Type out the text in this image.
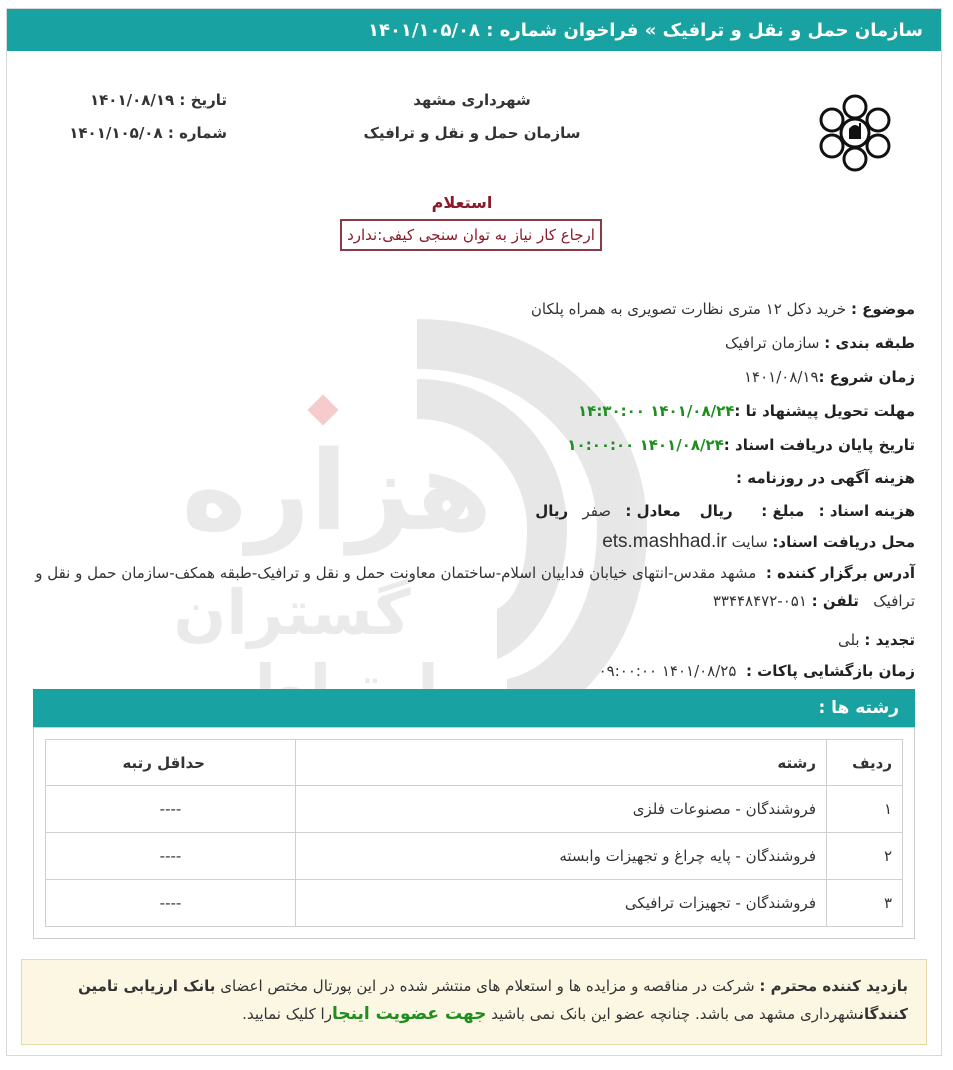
سازمان حمل و نقل و ترافیک » فراخوان شماره : ۱۴۰۱/۱۰۵/۰۸
هزاره
گستران
ارتباط
شهرداری مشهد
سازمان حمل و نقل و ترافیک
تاریخ : ۱۴۰۱/۰۸/۱۹
شماره : ۱۴۰۱/۱۰۵/۰۸
استعلام
ارجاع کار نیاز به توان سنجی کیفی:ندارد
موضوع : خرید دکل ۱۲ متری نظارت تصویری به همراه پلکان
طبقه بندی : سازمان ترافیک
زمان شروع :۱۴۰۱/۰۸/۱۹
مهلت تحویل پیشنهاد تا :۱۴۰۱/۰۸/۲۴ ۱۴:۳۰:۰۰
تاریخ پایان دریافت اسناد :۱۴۰۱/۰۸/۲۴ ۱۰:۰۰:۰۰
هزینه آگهی در روزنامه :
هزینه اسناد :   مبلغ :      ریال    معادل :   صفر   ریال
محل دریافت اسناد: سایت ets.mashhad.ir
آدرس برگزار کننده :  مشهد مقدس-انتهای خیابان فداییان اسلام-ساختمان معاونت حمل و نقل و ترافیک-طبقه همکف-سازمان حمل و نقل و ترافیک   تلفن : ۰۵۱-۳۳۴۴۸۴۷۲
تجدید : بلی
زمان بازگشایی پاکات :  ۱۴۰۱/۰۸/۲۵ ۰۹:۰۰:۰۰
رشته ها :
ردیف	رشته	حداقل رتبه
۱	فروشندگان - مصنوعات فلزی	----
۲	فروشندگان - پایه چراغ و تجهیزات وابسته	----
۳	فروشندگان - تجهیزات ترافیکی	----
بازدید کننده محترم : شرکت در مناقصه و مزایده ها و استعلام های منتشر شده در این پورتال مختص اعضای بانک ارزیابی تامین کنندگانشهرداری مشهد می باشد. چنانچه عضو این بانک نمی باشید جهت عضویت اینجارا کلیک نمایید.
